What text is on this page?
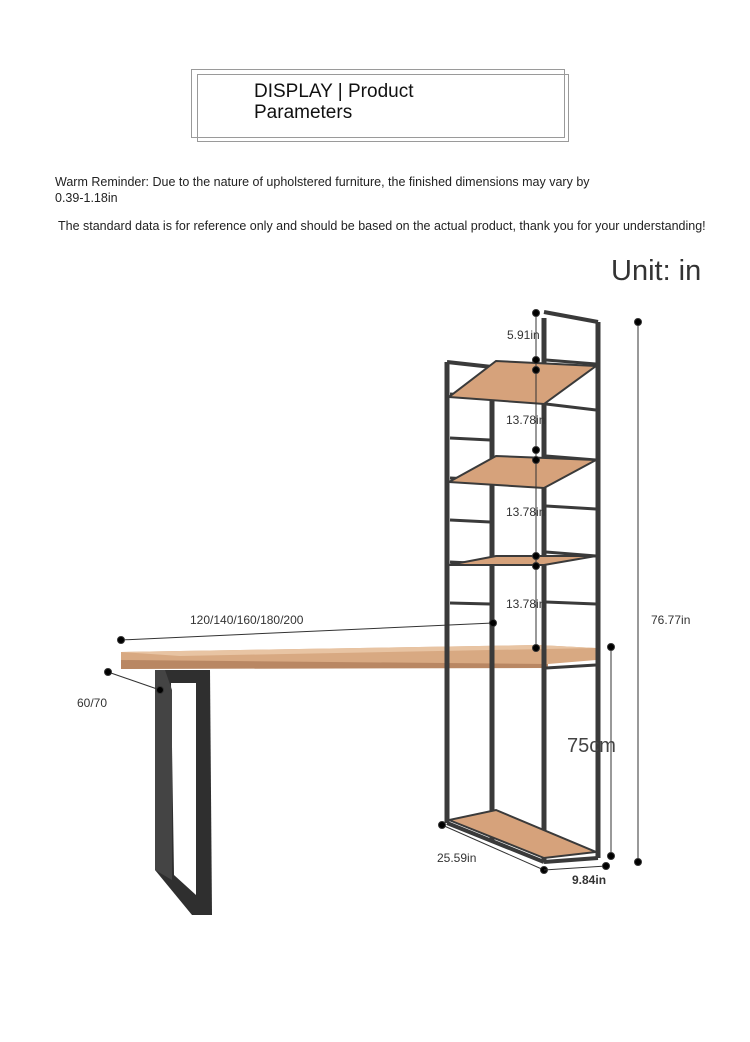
DISPLAY | Product
Parameters
Warm Reminder: Due to the nature of upholstered furniture, the finished dimensions may vary by 0.39-1.18in
The standard data is for reference only and should be based on the actual product, thank you for your understanding!
Unit: in
5.91in
13.78in
13.78in
13.78in
120/140/160/180/200
60/70
76.77in
75cm
25.59in
9.84in
